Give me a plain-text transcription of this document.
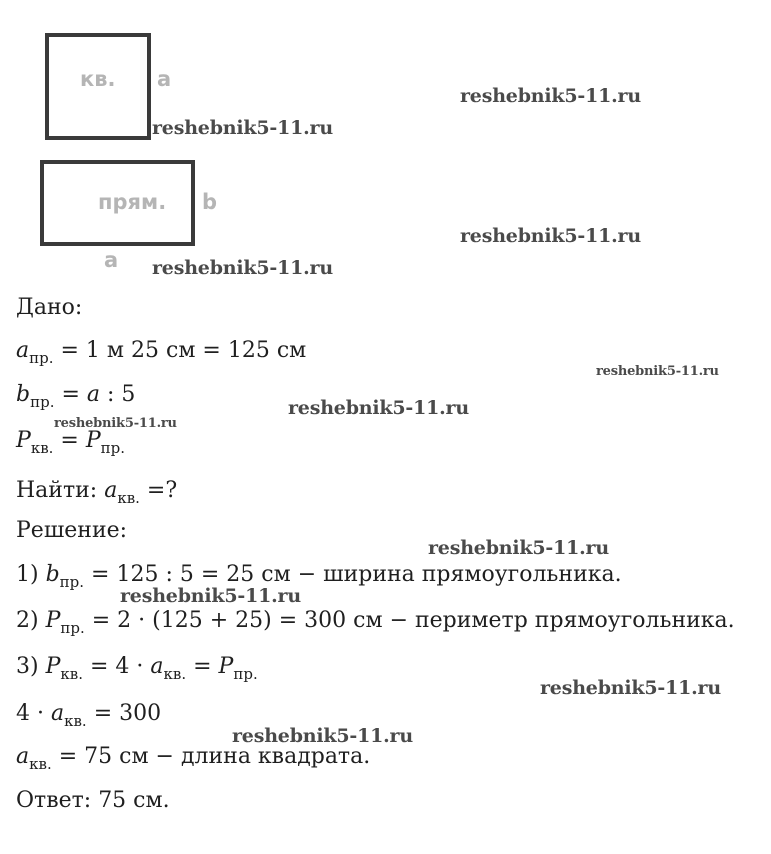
кв. a
прям. b
a
reshebnik5-11.ru
reshebnik5-11.ru
reshebnik5-11.ru
reshebnik5-11.ru
reshebnik5-11.ru
reshebnik5-11.ru
reshebnik5-11.ru
reshebnik5-11.ru
reshebnik5-11.ru
reshebnik5-11.ru
reshebnik5-11.ru
Дано:
$a_{пр.} = 1$ м 25 см = 125 см
$b_{пр.} = a$ : 5
$P_{кв.} = P_{пр.}$
Найти: $a_{кв.}$ =?
Решение:
1) $b_{пр.} = 125$ : 5 = 25 см − ширина прямоугольника.
2) $P_{пр.} = 2 \cdot (125 + 25) = 300$ см − периметр прямоугольника.
3) $P_{кв.} = 4 \cdot a_{кв.} = P_{пр.}$
$4 \cdot a_{кв.} = 300$
$a_{кв.} = 75$ см − длина квадрата.
Ответ: 75 см.
